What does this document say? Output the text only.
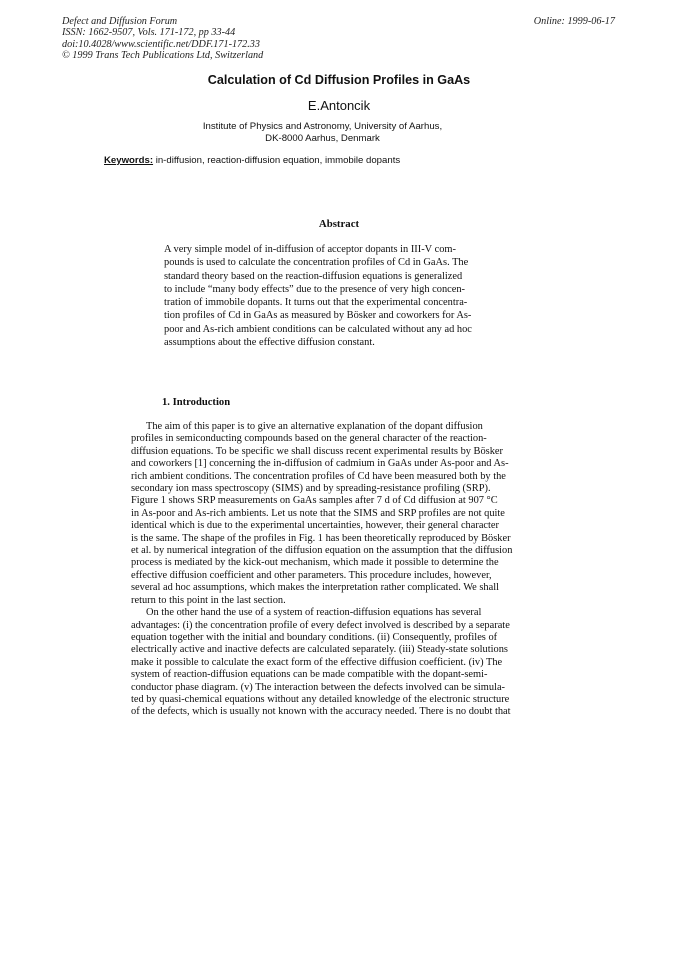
Defect and Diffusion Forum
ISSN: 1662-9507, Vols. 171-172, pp 33-44
doi:10.4028/www.scientific.net/DDF.171-172.33
© 1999 Trans Tech Publications Ltd, Switzerland
Online: 1999-06-17
Calculation of Cd Diffusion Profiles in GaAs
E.Antoncik
Institute of Physics and Astronomy, University of Aarhus,
DK-8000 Aarhus, Denmark
Keywords: in-diffusion, reaction-diffusion equation, immobile dopants
Abstract
A very simple model of in-diffusion of acceptor dopants in III-V com-
pounds is used to calculate the concentration profiles of Cd in GaAs. The
standard theory based on the reaction-diffusion equations is generalized
to include “many body effects” due to the presence of very high concen-
tration of immobile dopants. It turns out that the experimental concentra-
tion profiles of Cd in GaAs as measured by Bösker and coworkers for As-
poor and As-rich ambient conditions can be calculated without any ad hoc
assumptions about the effective diffusion constant.
1. Introduction
The aim of this paper is to give an alternative explanation of the dopant diffusion
profiles in semiconducting compounds based on the general character of the reaction-
diffusion equations. To be specific we shall discuss recent experimental results by Bösker
and coworkers [1] concerning the in-diffusion of cadmium in GaAs under As-poor and As-
rich ambient conditions. The concentration profiles of Cd have been measured both by the
secondary ion mass spectroscopy (SIMS) and by spreading-resistance profiling (SRP).
Figure 1 shows SRP measurements on GaAs samples after 7 d of Cd diffusion at 907 °C
in As-poor and As-rich ambients. Let us note that the SIMS and SRP profiles are not quite
identical which is due to the experimental uncertainties, however, their general character
is the same. The shape of the profiles in Fig. 1 has been theoretically reproduced by Bösker
et al. by numerical integration of the diffusion equation on the assumption that the diffusion
process is mediated by the kick-out mechanism, which made it possible to determine the
effective diffusion coefficient and other parameters. This procedure includes, however,
several ad hoc assumptions, which makes the interpretation rather complicated. We shall
return to this point in the last section.
On the other hand the use of a system of reaction-diffusion equations has several
advantages: (i) the concentration profile of every defect involved is described by a separate
equation together with the initial and boundary conditions. (ii) Consequently, profiles of
electrically active and inactive defects are calculated separately. (iii) Steady-state solutions
make it possible to calculate the exact form of the effective diffusion coefficient. (iv) The
system of reaction-diffusion equations can be made compatible with the dopant-semi-
conductor phase diagram. (v) The interaction between the defects involved can be simula-
ted by quasi-chemical equations without any detailed knowledge of the electronic structure
of the defects, which is usually not known with the accuracy needed. There is no doubt that
